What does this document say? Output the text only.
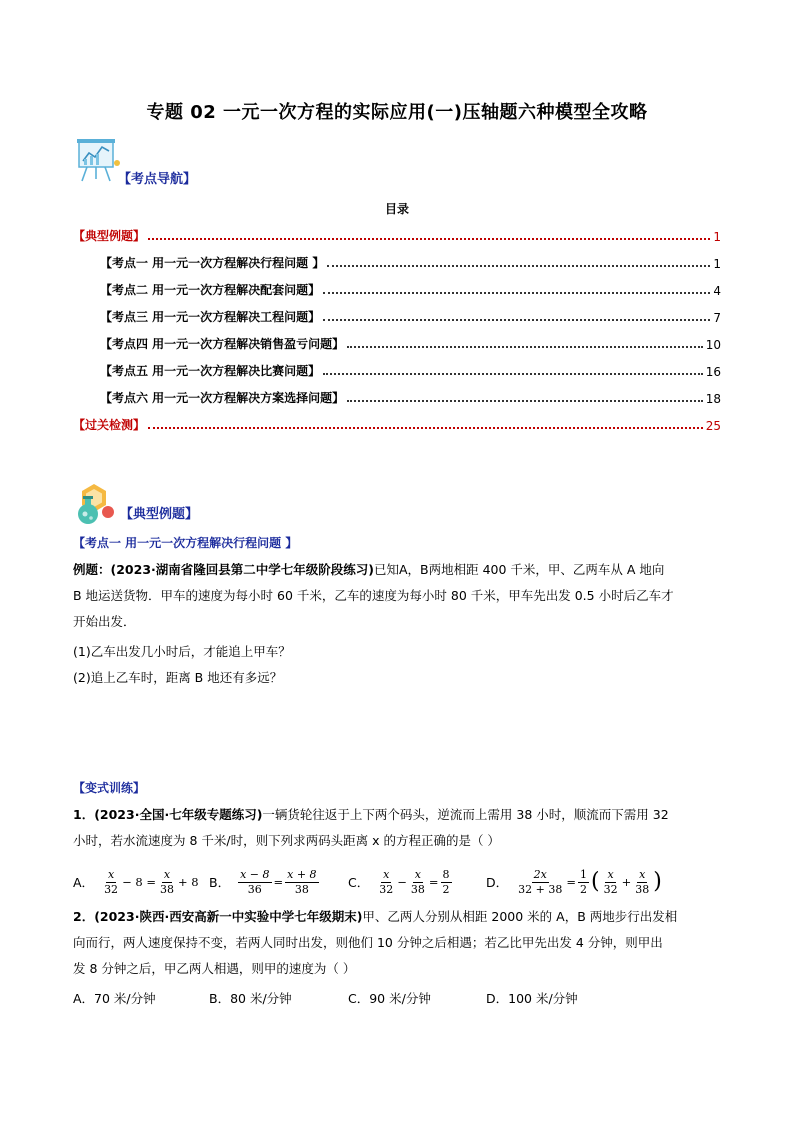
专题 02 一元一次方程的实际应用(一)压轴题六种模型全攻略
【考点导航】
目录
【典型例题】	1
【考点一 用一元一次方程解决行程问题 】	1
【考点二 用一元一次方程解决配套问题】	4
【考点三 用一元一次方程解决工程问题】	7
【考点四 用一元一次方程解决销售盈亏问题】	10
【考点五 用一元一次方程解决比赛问题】	16
【考点六 用一元一次方程解决方案选择问题】	18
【过关检测】	25
【典型例题】
【考点一 用一元一次方程解决行程问题 】
例题：(2023·湖南省隆回县第二中学七年级阶段练习)已知A，B两地相距 400 千米，甲、乙两车从 A 地向
B 地运送货物．甲车的速度为每小时 60 千米，乙车的速度为每小时 80 千米，甲车先出发 0.5 小时后乙车才
开始出发．
(1)乙车出发几小时后，才能追上甲车？
(2)追上乙车时，距离 B 地还有多远？
【变式训练】
1．(2023·全国·七年级专题练习)一辆货轮往返于上下两个码头，逆流而上需用 38 小时，顺流而下需用 32
小时，若水流速度为 8 千米/时，则下列求两码头距离 x 的方程正确的是（ ）
A． $\frac{x}{32} - 8 = \frac{x}{38} + 8$ B． $\frac{x - 8}{36} = \frac{x + 8}{38}$ C． $\frac{x}{32} - \frac{x}{38} = \frac{8}{2}$	D． $\frac{2x}{32 + 38} = \frac{1}{2}$ ( $\frac{x}{32} + \frac{x}{38}$ )
2．(2023·陕西·西安高新一中实验中学七年级期末)甲、乙两人分别从相距 2000 米的 A，B 两地步行出发相
向而行，两人速度保持不变，若两人同时出发，则他们 10 分钟之后相遇；若乙比甲先出发 4 分钟，则甲出
发 8 分钟之后，甲乙两人相遇，则甲的速度为（ ）
A．70 米/分钟	B．80 米/分钟	C．90 米/分钟	D．100 米/分钟
